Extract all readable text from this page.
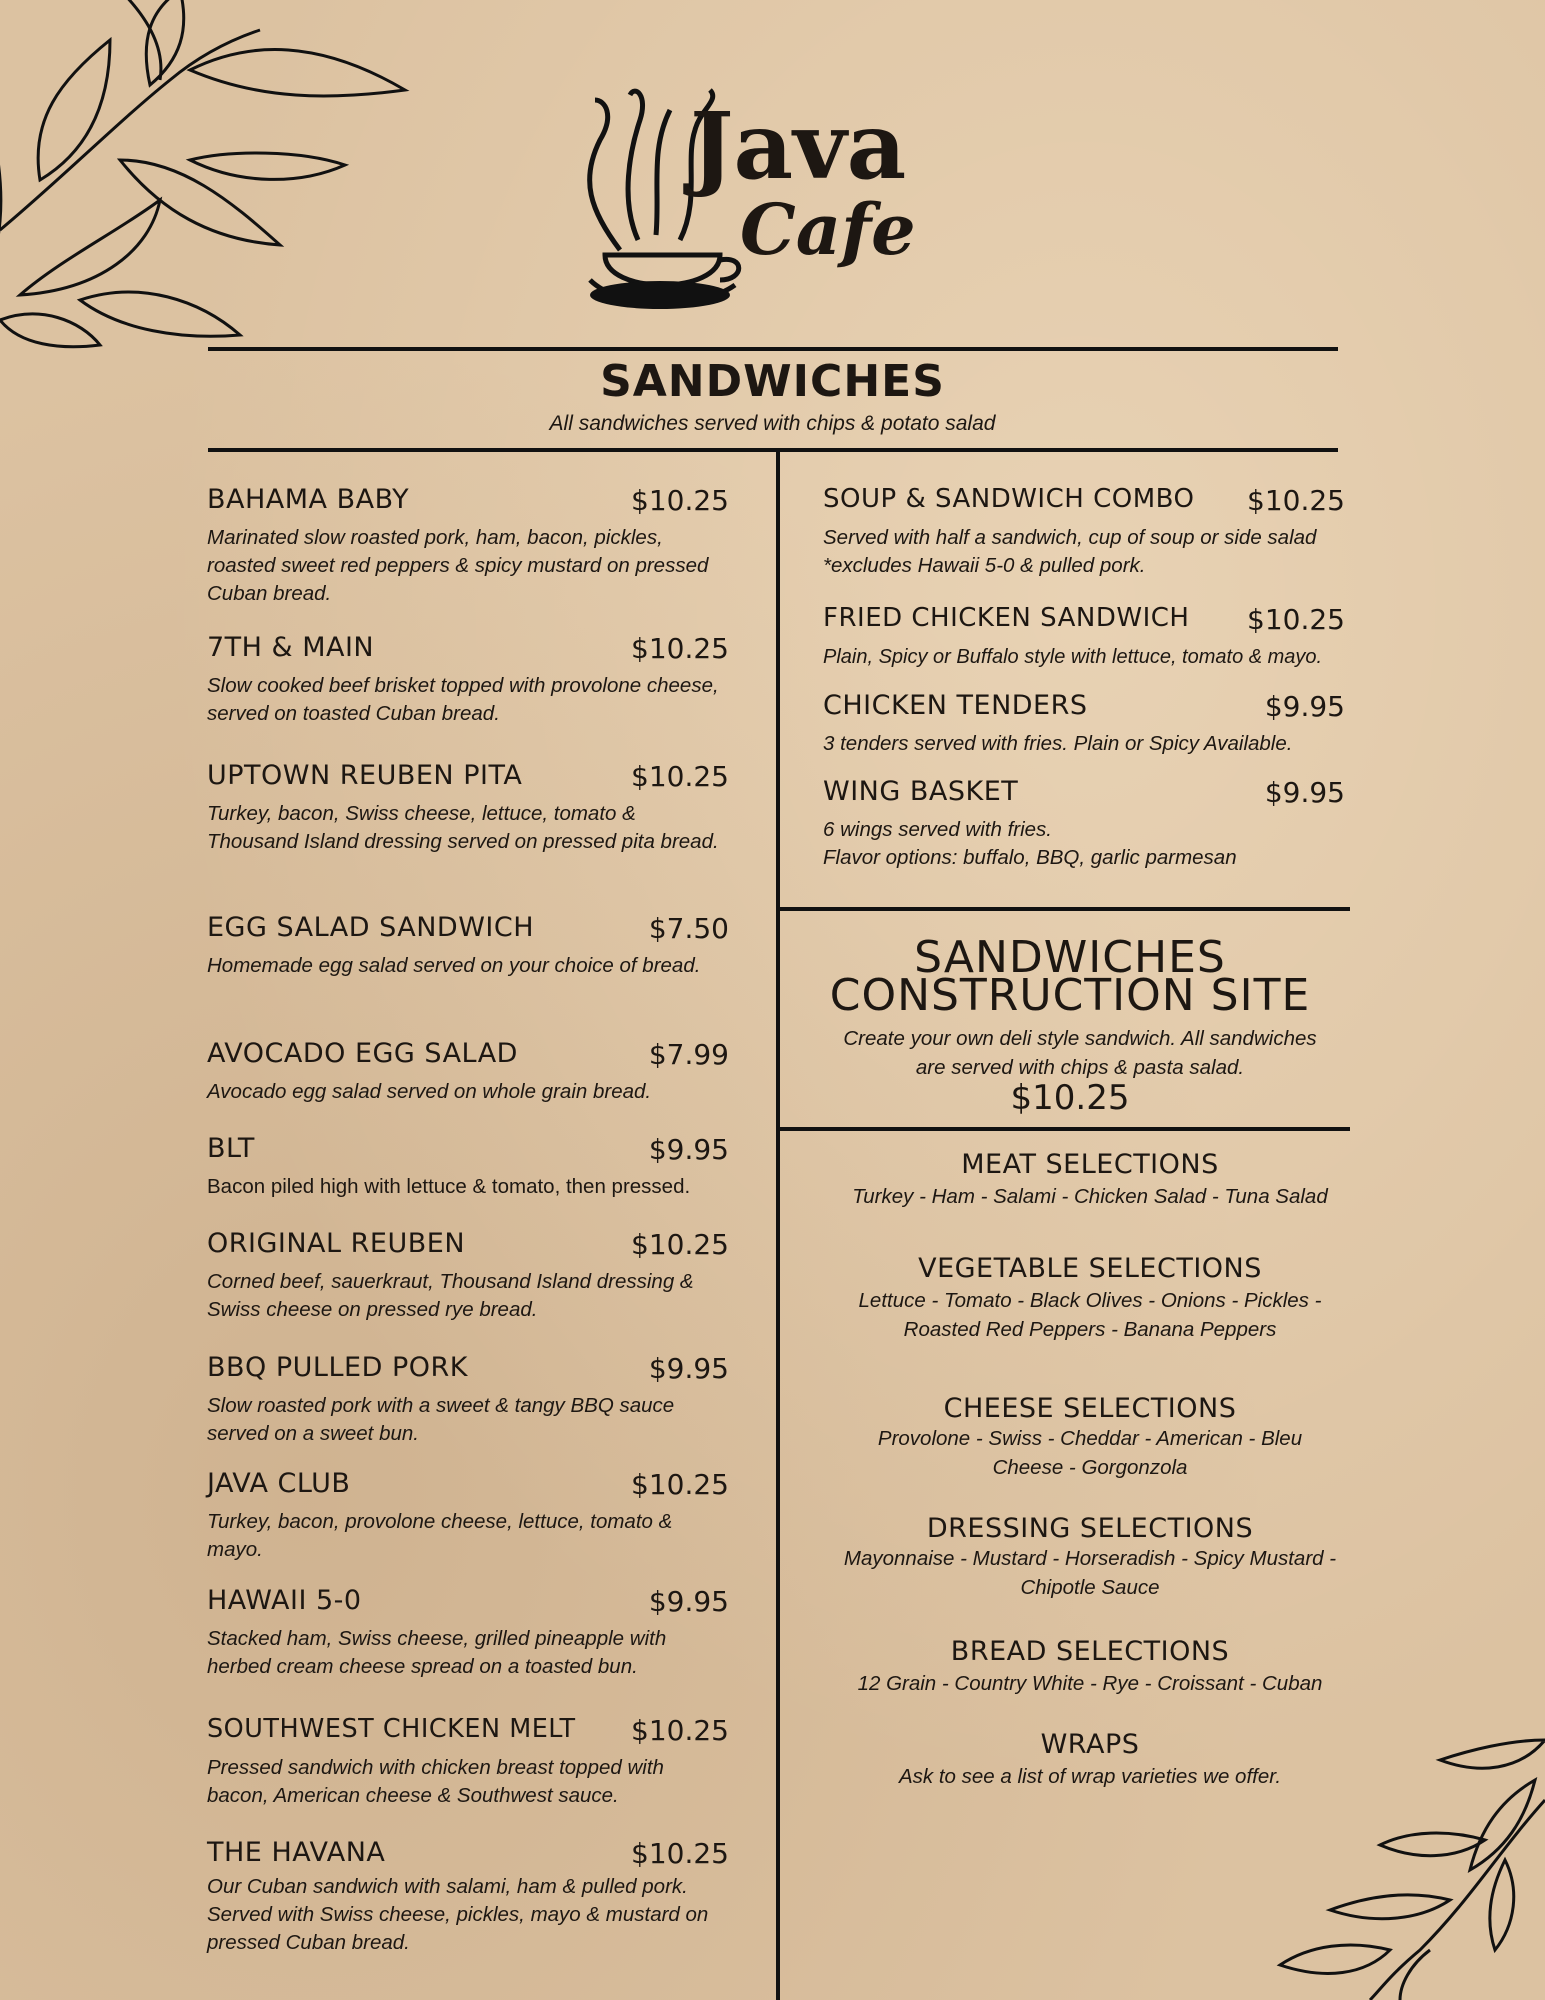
Java
Cafe
SANDWICHES

All sandwiches served with chips & potato salad

BAHAMA BABY	$10.25
Marinated slow roasted pork, ham, bacon, pickles, roasted sweet red peppers & spicy mustard on pressed Cuban bread.
7TH & MAIN	$10.25
Slow cooked beef brisket topped with provolone cheese, served on toasted Cuban bread.
UPTOWN REUBEN PITA	$10.25
Turkey, bacon, Swiss cheese, lettuce, tomato & Thousand Island dressing served on pressed pita bread.
EGG SALAD SANDWICH	$7.50
Homemade egg salad served on your choice of bread.
AVOCADO EGG SALAD	$7.99
Avocado egg salad served on whole grain bread.
BLT	$9.95
Bacon piled high with lettuce & tomato, then pressed.
ORIGINAL REUBEN	$10.25
Corned beef, sauerkraut, Thousand Island dressing & Swiss cheese on pressed rye bread.
BBQ PULLED PORK	$9.95
Slow roasted pork with a sweet & tangy BBQ sauce served on a sweet bun.
JAVA CLUB	$10.25
Turkey, bacon, provolone cheese, lettuce, tomato & mayo.
HAWAII 5-0	$9.95
Stacked ham, Swiss cheese, grilled pineapple with herbed cream cheese spread on a toasted bun.
SOUTHWEST CHICKEN MELT $10.25
Pressed sandwich with chicken breast topped with bacon, American cheese & Southwest sauce.
THE HAVANA	$10.25
Our Cuban sandwich with salami, ham & pulled pork. Served with Swiss cheese, pickles, mayo & mustard on pressed Cuban bread.
SOUP & SANDWICH COMBO $10.25
Served with half a sandwich, cup of soup or side salad *excludes Hawaii 5-0 & pulled pork.
FRIED CHICKEN SANDWICH $10.25
Plain, Spicy or Buffalo style with lettuce, tomato & mayo.
CHICKEN TENDERS	$9.95
3 tenders served with fries. Plain or Spicy Available.
WING BASKET	$9.95
6 wings served with fries.
Flavor options: buffalo, BBQ, garlic parmesan
SANDWICHES
CONSTRUCTION SITE
Create your own deli style sandwich. All sandwiches are served with chips & pasta salad.
$10.25
MEAT SELECTIONS
Turkey - Ham - Salami - Chicken Salad - Tuna Salad
VEGETABLE SELECTIONS
Lettuce - Tomato - Black Olives - Onions - Pickles - Roasted Red Peppers - Banana Peppers
CHEESE SELECTIONS
Provolone - Swiss - Cheddar - American - Bleu Cheese - Gorgonzola
DRESSING SELECTIONS
Mayonnaise - Mustard - Horseradish - Spicy Mustard - Chipotle Sauce
BREAD SELECTIONS
12 Grain - Country White - Rye - Croissant - Cuban
WRAPS
Ask to see a list of wrap varieties we offer.
